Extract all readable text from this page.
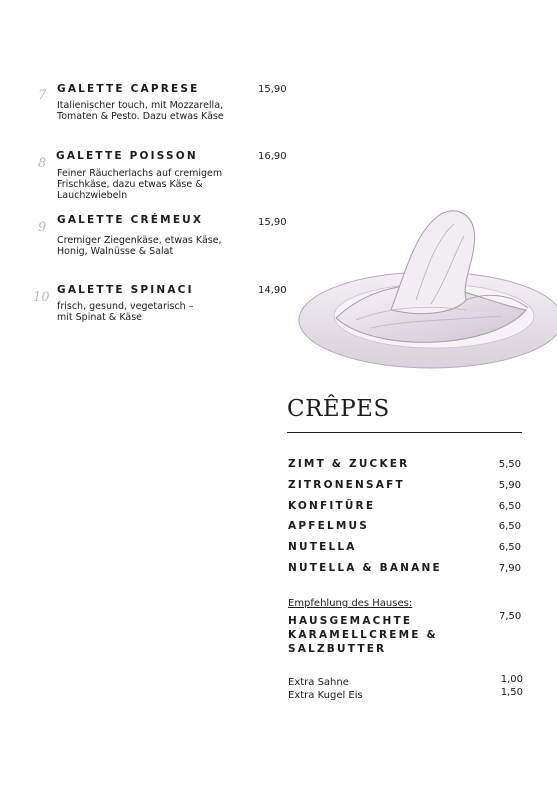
7 GALETTE CAPRESE	15,90
Italienischer touch, mit Mozzarella,
Tomaten & Pesto. Dazu etwas Käse
8 GALETTE POISSON	16,90
Feiner Räucherlachs auf cremigem
Frischkäse, dazu etwas Käse &
Lauchzwiebeln
9 GALETTE CRÉMEUX	15,90
Cremiger Ziegenkäse, etwas Käse,
Honig, Walnüsse & Salat
10 GALETTE SPINACI	14,90
frisch, gesund, vegetarisch –
mit Spinat & Käse
CRÊPES
ZIMT & ZUCKER	5,50
ZITRONENSAFT	5,90
KONFITÜRE	6,50
APFELMUS	6,50
NUTELLA	6,50
NUTELLA & BANANE	7,90
Empfehlung des Hauses:
HAUSGEMACHTE
KARAMELLCREME &
SALZBUTTER
7,50
Extra Sahne	1,00
Extra Kugel Eis	1,50
